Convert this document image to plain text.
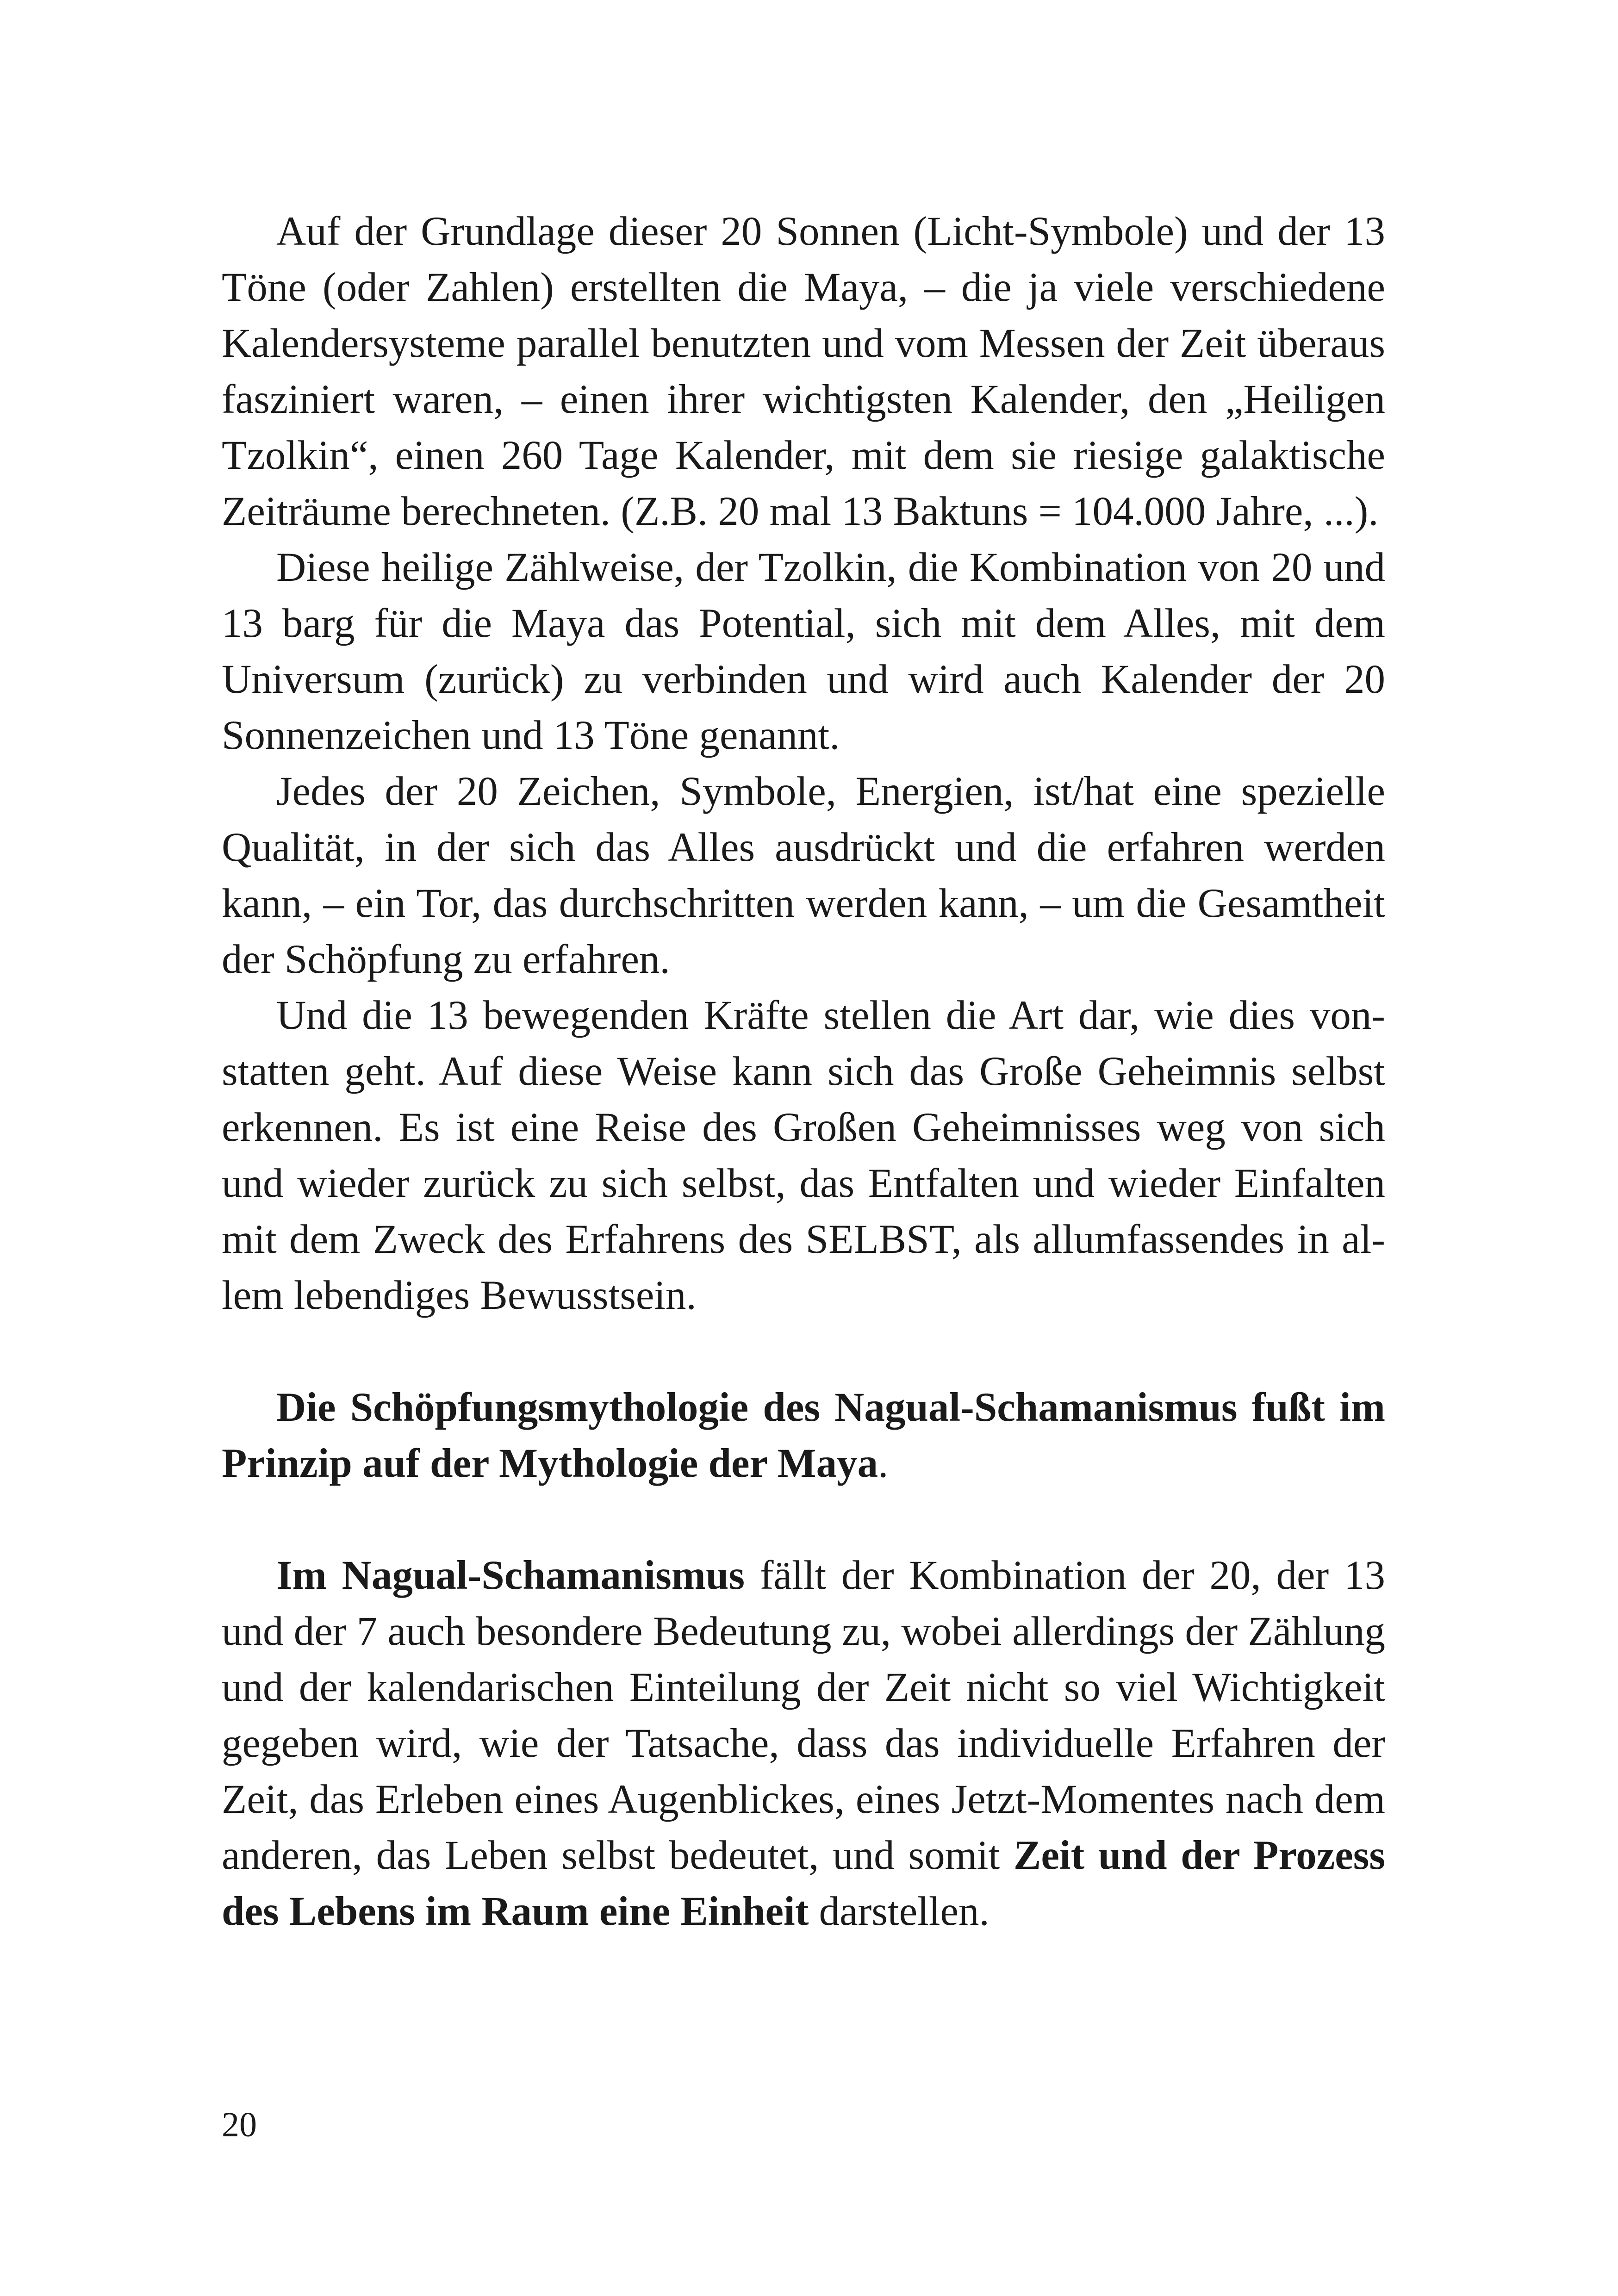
Auf der Grundlage dieser 20 Sonnen (Licht-Symbole) und der 13 Töne (oder Zahlen) erstellten die Maya, – die ja viele verschiedene Kalendersysteme parallel benutzten und vom Messen der Zeit überaus fasziniert waren, – einen ihrer wichtigsten Kalender, den „Heiligen Tzolkin“, einen 260 Tage Kalender, mit dem sie riesige galaktische Zeiträume berechneten. (Z.B. 20 mal 13 Baktuns = 104.000 Jahre, ...).

Diese heilige Zählweise, der Tzolkin, die Kombination von 20 und 13 barg für die Maya das Potential, sich mit dem Alles, mit dem Universum (zurück) zu verbinden und wird auch Kalender der 20 Sonnenzeichen und 13 Töne genannt.

Jedes der 20 Zeichen, Symbole, Energien, ist/hat eine spezielle Qualität, in der sich das Alles ausdrückt und die erfahren werden kann, – ein Tor, das durchschritten werden kann, – um die Gesamtheit der Schöpfung zu erfahren.

Und die 13 bewegenden Kräfte stellen die Art dar, wie dies vonstatten geht. Auf diese Weise kann sich das Große Geheimnis selbst erkennen. Es ist eine Reise des Großen Geheimnisses weg von sich und wieder zurück zu sich selbst, das Entfalten und wieder Einfalten mit dem Zweck des Erfahrens des SELBST, als allumfassendes in allem lebendiges Bewusstsein.

Die Schöpfungsmythologie des Nagual-Schamanismus fußt im Prinzip auf der Mythologie der Maya.

Im Nagual-Schamanismus fällt der Kombination der 20, der 13 und der 7 auch besondere Bedeutung zu, wobei allerdings der Zählung und der kalendarischen Einteilung der Zeit nicht so viel Wichtigkeit gegeben wird, wie der Tatsache, dass das individuelle Erfahren der Zeit, das Erleben eines Augenblickes, eines Jetzt-Momentes nach dem anderen, das Leben selbst bedeutet, und somit Zeit und der Prozess des Lebens im Raum eine Einheit darstellen.

20
